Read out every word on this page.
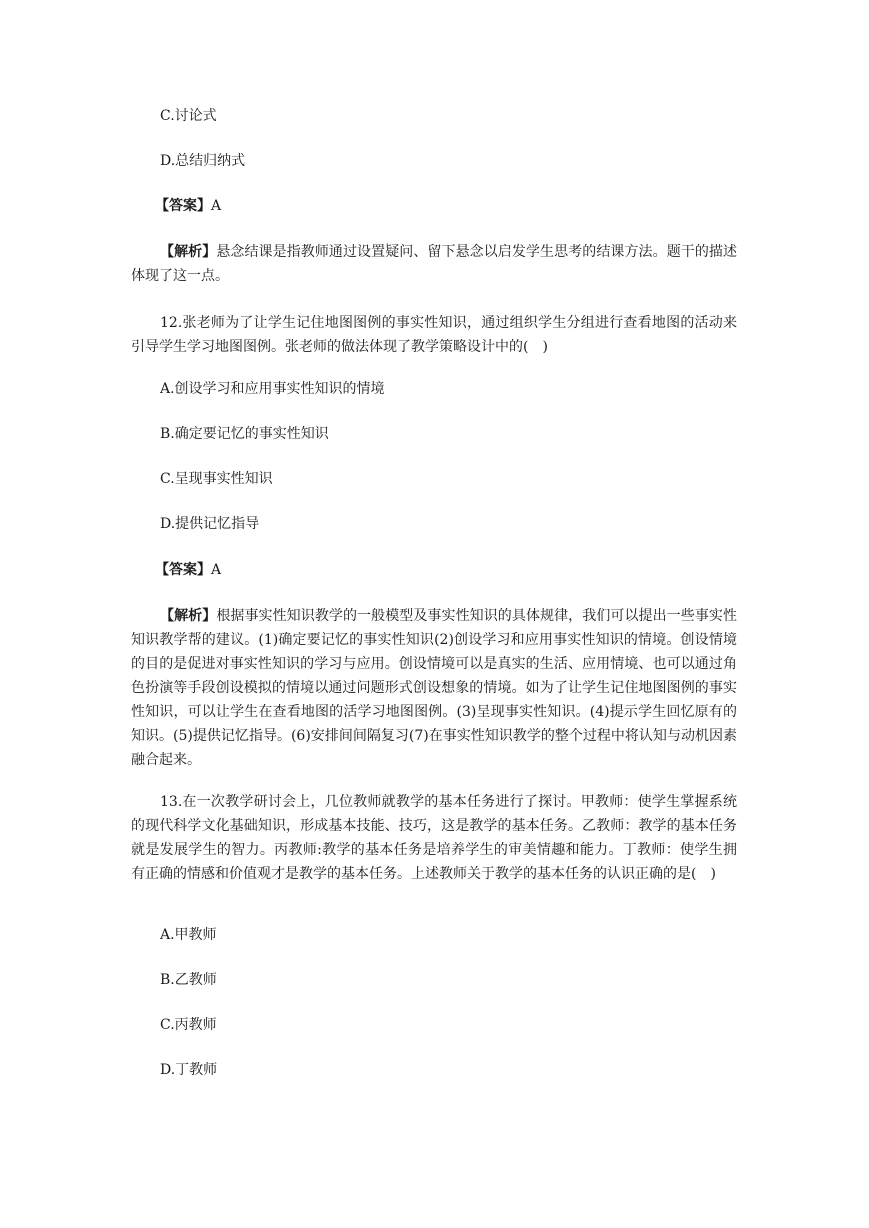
C.讨论式
D.总结归纳式
【答案】A
【解析】悬念结课是指教师通过设置疑问、留下悬念以启发学生思考的结课方法。题干的描述体现了这一点。
12.张老师为了让学生记住地图图例的事实性知识，通过组织学生分组进行查看地图的活动来引导学生学习地图图例。张老师的做法体现了教学策略设计中的(　)
A.创设学习和应用事实性知识的情境
B.确定要记忆的事实性知识
C.呈现事实性知识
D.提供记忆指导
【答案】A
【解析】根据事实性知识教学的一般模型及事实性知识的具体规律，我们可以提出一些事实性知识教学帮的建议。(1)确定要记忆的事实性知识(2)创设学习和应用事实性知识的情境。创设情境的目的是促进对事实性知识的学习与应用。创设情境可以是真实的生活、应用情境、也可以通过角色扮演等手段创设模拟的情境以通过问题形式创设想象的情境。如为了让学生记住地图图例的事实性知识，可以让学生在查看地图的活学习地图图例。(3)呈现事实性知识。(4)提示学生回忆原有的知识。(5)提供记忆指导。(6)安排间间隔复习(7)在事实性知识教学的整个过程中将认知与动机因素融合起来。
13.在一次教学研讨会上，几位教师就教学的基本任务进行了探讨。甲教师：使学生掌握系统的现代科学文化基础知识，形成基本技能、技巧，这是教学的基本任务。乙教师：教学的基本任务就是发展学生的智力。丙教师:教学的基本任务是培养学生的审美情趣和能力。丁教师：使学生拥有正确的情感和价值观才是教学的基本任务。上述教师关于教学的基本任务的认识正确的是(　)
A.甲教师
B.乙教师
C.丙教师
D.丁教师
